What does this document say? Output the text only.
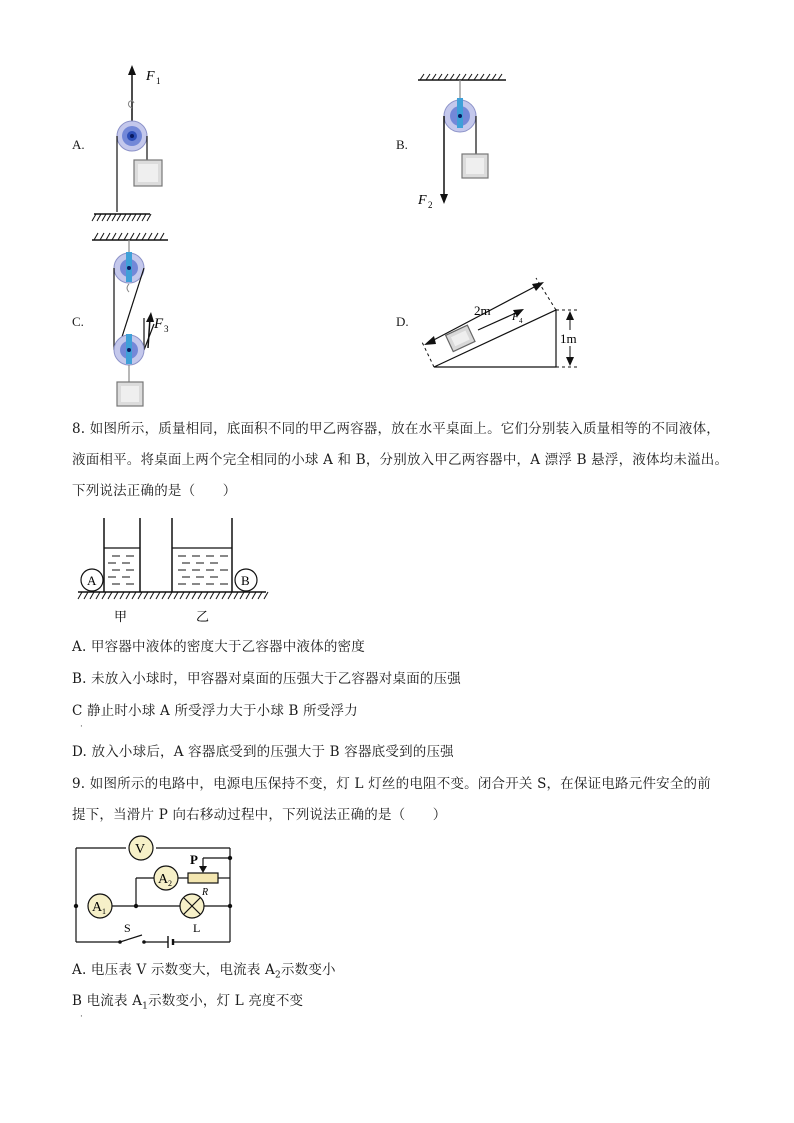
A.	B.
C.	D.
F 1
F 2
F 3
2m F 4
1m
8. 如图所示，质量相同，底面积不同的甲乙两容器，放在水平桌面上。它们分别装入质量相等的不同液体，
液面相平。将桌面上两个完全相同的小球 A 和 B，分别放入甲乙两容器中，A 漂浮 B 悬浮，液体均未溢出。
下列说法正确的是（　　）
A	B
甲	乙
A. 甲容器中液体的密度大于乙容器中液体的密度
B. 未放入小球时，甲容器对桌面的压强大于乙容器对桌面的压强
C 静止时小球 A 所受浮力大于小球 B 所受浮力
·
D. 放入小球后，A 容器底受到的压强大于 B 容器底受到的压强
9. 如图所示的电路中，电源电压保持不变，灯 L 灯丝的电阻不变。闭合开关 S，在保证电路元件安全的前
提下，当滑片 P 向右移动过程中，下列说法正确的是（　　）
V
A 1
A 2
P
R
L
S
A. 电压表 V 示数变大，电流表 $A_2$示数变小
B 电流表 $A_1$示数变小，灯 L 亮度不变
·
